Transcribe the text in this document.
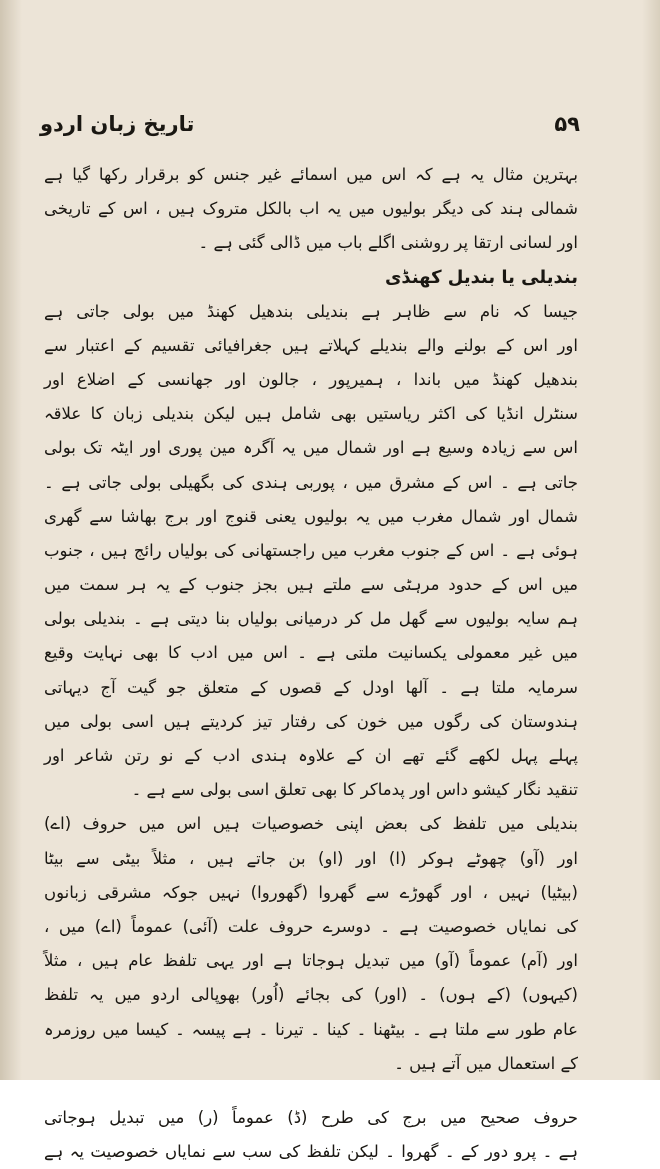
تاریخ زبان اردو	۵۹
بہترین مثال یہ ہے کہ اس میں اسمائے غیر جنس کو برقرار رکھا گیا ہے
شمالی ہند کی دیگر بولیوں میں یہ اب بالکل متروک ہیں ، اس کے تاریخی
اور لسانی ارتقا پر روشنی اگلے باب میں ڈالی گئی ہے ۔
بندیلی یا بندیل کھنڈی
جیسا کہ نام سے ظاہر ہے بندیلی بندھیل کھنڈ میں بولی جاتی ہے
اور اس کے بولنے والے بندیلے کہلاتے ہیں جغرافیائی تقسیم کے اعتبار سے
بندھیل کھنڈ میں باندا ، ہمیرپور ، جالون اور جھانسی کے اضلاع اور
سنٹرل انڈیا کی اکثر ریاستیں بھی شامل ہیں لیکن بندیلی زبان کا علاقہ
اس سے زیادہ وسیع ہے اور شمال میں یہ آگرہ مین پوری اور ایٹہ تک بولی
جاتی ہے ۔ اس کے مشرق میں ، پوربی ہندی کی بگھیلی بولی جاتی ہے ۔
شمال اور شمال مغرب میں یہ بولیوں یعنی قنوج اور برج بھاشا سے گھری
ہوئی ہے ۔ اس کے جنوب مغرب میں راجستھانی کی بولیاں رائج ہیں ، جنوب
میں اس کے حدود مرہٹی سے ملتے ہیں بجز جنوب کے یہ ہر سمت میں
ہم سایہ بولیوں سے گھل مل کر درمیانی بولیاں بنا دیتی ہے ۔ بندیلی بولی
میں غیر معمولی یکسانیت ملتی ہے ۔ اس میں ادب کا بھی نہایت وقیع
سرمایہ ملتا ہے ۔ آلھا اودل کے قصوں کے متعلق جو گیت آج دیہاتی
ہندوستان کی رگوں میں خون کی رفتار تیز کردیتے ہیں اسی بولی میں
پہلے پہل لکھے گئے تھے ان کے علاوہ ہندی ادب کے نو رتن شاعر اور
تنقید نگار کیشو داس اور پدماکر کا بھی تعلق اسی بولی سے ہے ۔
بندیلی میں تلفظ کی بعض اپنی خصوصیات ہیں اس میں حروف (اے)
اور (آو) چھوٹے ہوکر (ا) اور (او) بن جاتے ہیں ، مثلاً بیٹی سے بیٹا
(بیٹیا) نہیں ، اور گھوڑے سے گھروا (گھوروا) نہیں جوکہ مشرقی زبانوں
کی نمایاں خصوصیت ہے ۔ دوسرے حروف علت (آئی) عموماً (اے) میں ،
اور (آم) عموماً (آو) میں تبدیل ہوجاتا ہے اور یہی تلفظ عام ہیں ، مثلاً
(کیہوں) (کے ہوں) ۔ (اور) کی بجائے (اُور) بھوپالی اردو میں یہ تلفظ
عام طور سے ملتا ہے ۔ بیٹھنا ۔ کینا ۔ تیرنا ۔ ہے پیسہ ۔ کیسا میں روزمرہ
کے استعمال میں آتے ہیں ۔
حروف صحیح میں برج کی طرح (ڈ) عموماً (ر) میں تبدیل ہوجاتی
ہے ۔ پرو دور کے ۔ گھروا ۔ لیکن تلفظ کی سب سے نمایاں خصوصیت یہ ہے
